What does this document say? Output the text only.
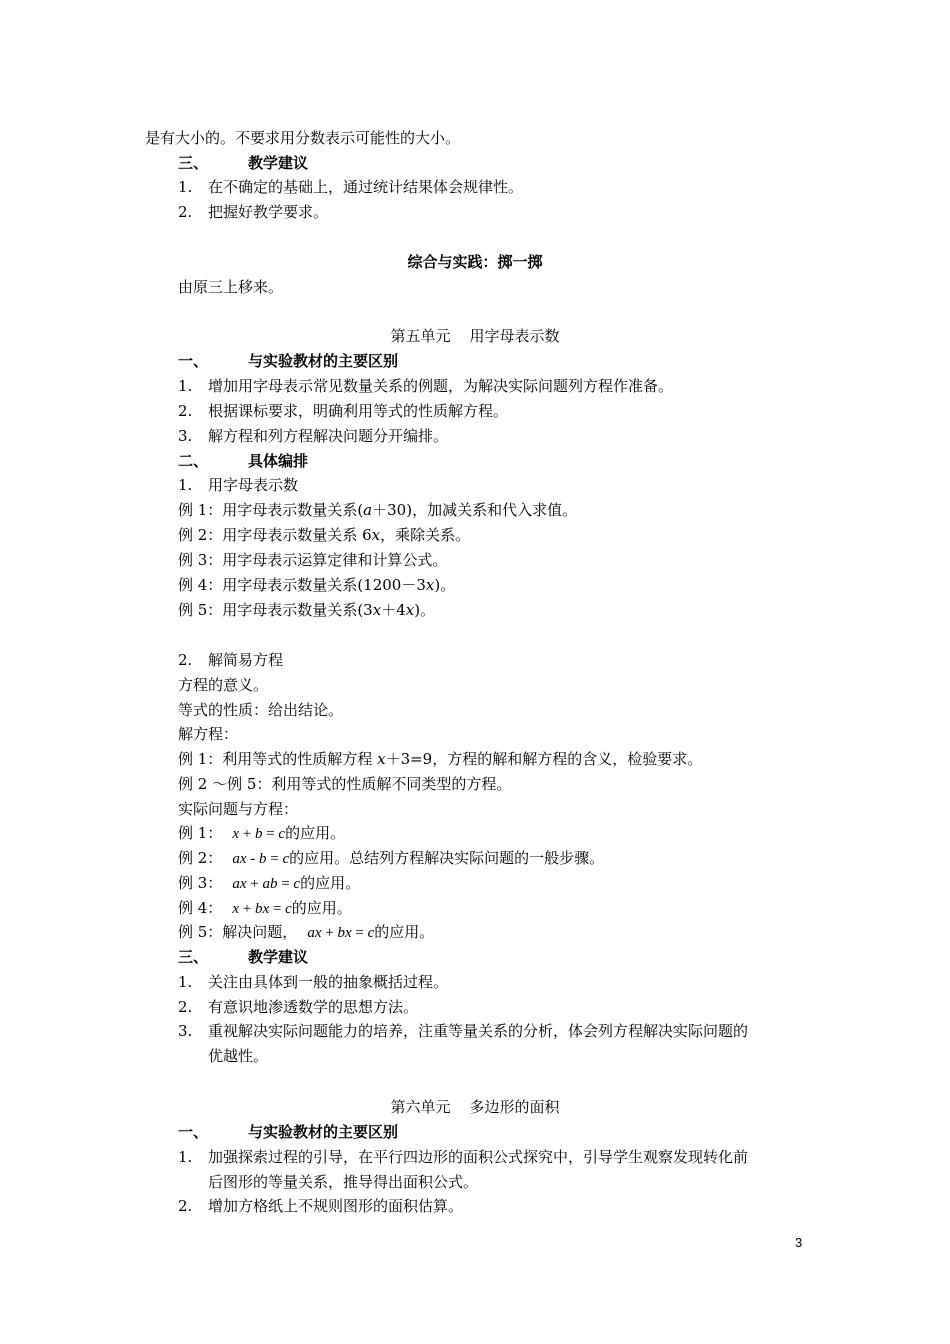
是有大小的。不要求用分数表示可能性的大小。
三、	教学建议
1. 在不确定的基础上，通过统计结果体会规律性。
2. 把握好教学要求。
综合与实践：掷一掷
由原三上移来。
第五单元    用字母表示数
一、	与实验教材的主要区别
1. 增加用字母表示常见数量关系的例题，为解决实际问题列方程作准备。
2. 根据课标要求，明确利用等式的性质解方程。
3. 解方程和列方程解决问题分开编排。
二、	具体编排
1. 用字母表示数
例 1：用字母表示数量关系(a＋30)，加减关系和代入求值。
例 2：用字母表示数量关系 6x，乘除关系。
例 3：用字母表示运算定律和计算公式。
例 4：用字母表示数量关系(1200－3x)。
例 5：用字母表示数量关系(3x＋4x)。
2. 解简易方程
方程的意义。
等式的性质：给出结论。
解方程：
例 1：利用等式的性质解方程 x＋3=9，方程的解和解方程的含义，检验要求。
例 2 ～例 5：利用等式的性质解不同类型的方程。
实际问题与方程：
例 1： x + b = c的应用。
例 2： ax - b = c的应用。总结列方程解决实际问题的一般步骤。
例 3： ax + ab = c的应用。
例 4： x + bx = c的应用。
例 5：解决问题， ax + bx = c的应用。
三、	教学建议
1. 关注由具体到一般的抽象概括过程。
2. 有意识地渗透数学的思想方法。
3. 重视解决实际问题能力的培养，注重等量关系的分析，体会列方程解决实际问题的
优越性。
第六单元    多边形的面积
一、	与实验教材的主要区别
1. 加强探索过程的引导，在平行四边形的面积公式探究中，引导学生观察发现转化前
后图形的等量关系，推导得出面积公式。
2. 增加方格纸上不规则图形的面积估算。
3
